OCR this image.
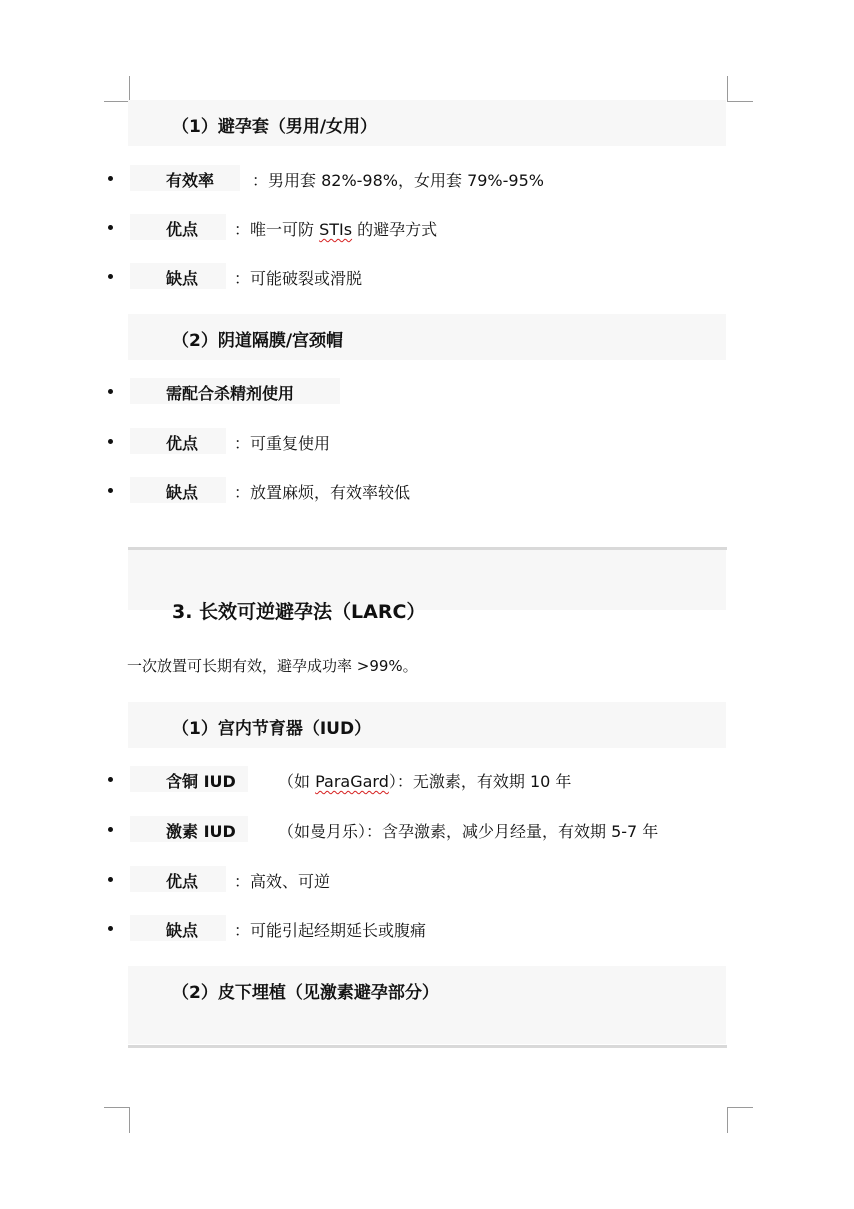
（1）避孕套（男用/女用）
有效率 ：男用套 82%-98%，女用套 79%-95%
优点 ：唯一可防 STIs 的避孕方式
缺点 ：可能破裂或滑脱
（2）阴道隔膜/宫颈帽
需配合杀精剂使用
优点 ：可重复使用
缺点 ：放置麻烦，有效率较低
3. 长效可逆避孕法（LARC）
一次放置可长期有效，避孕成功率 >99%。
（1）宫内节育器（IUD）
含铜 IUD	（如 ParaGard）：无激素，有效期 10 年
激素 IUD	（如曼月乐）：含孕激素，减少月经量，有效期 5-7 年
优点 ：高效、可逆
缺点 ：可能引起经期延长或腹痛
（2）皮下埋植（见激素避孕部分）
